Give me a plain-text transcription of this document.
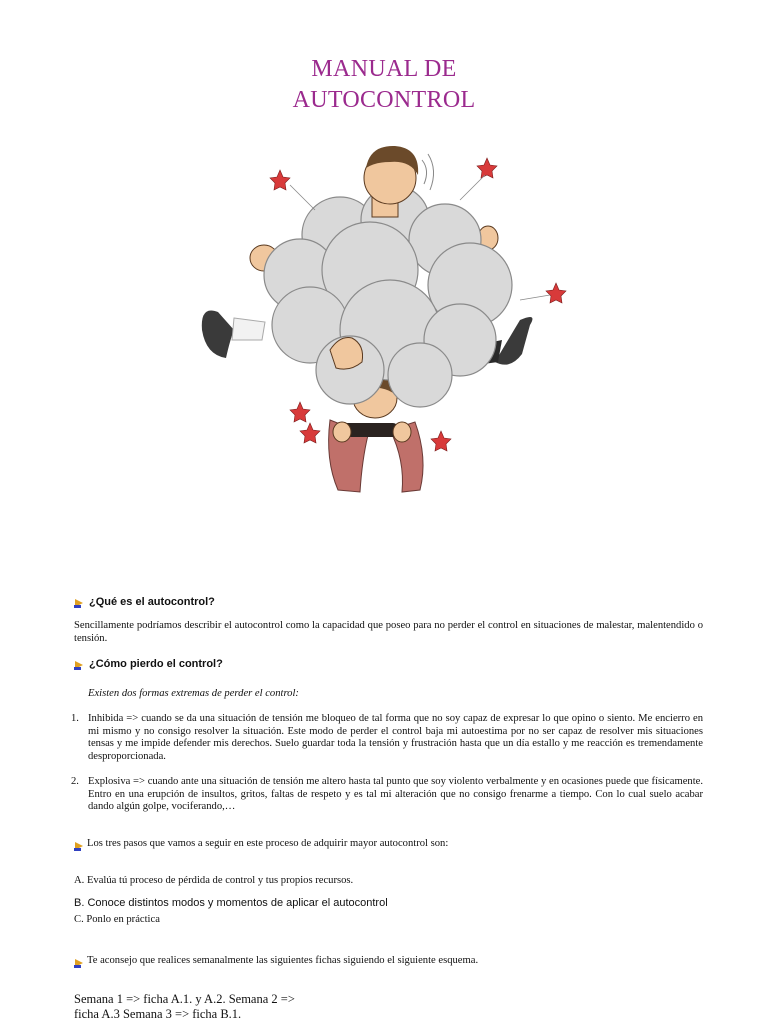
MANUAL DE
AUTOCONTROL
¿Qué es el autocontrol?
Sencillamente podríamos describir el autocontrol como la capacidad que poseo para no perder el control en situaciones de malestar, malentendido o tensión.
¿Cómo pierdo el control?
Existen dos formas extremas de perder el control:
1. Inhibida => cuando se da una situación de tensión me bloqueo de tal forma que no soy capaz de expresar lo que opino o siento. Me encierro en mi mismo y no consigo resolver la situación. Este modo de perder el control baja mi autoestima por no ser capaz de resolver mis situaciones tensas y me impide defender mis derechos. Suelo guardar toda la tensión y frustración hasta que un día estallo y me reacción es tremendamente desproporcionada.
2. Explosiva => cuando ante una situación de tensión me altero hasta tal punto que soy violento verbalmente y en ocasiones puede que físicamente. Entro en una erupción de insultos, gritos, faltas de respeto y es tal mi alteración que no consigo frenarme a tiempo. Con lo cual suelo acabar dando algún golpe, vociferando,…
Los tres pasos que vamos a seguir en este proceso de adquirir mayor autocontrol son:
A. Evalúa tú proceso de pérdida de control y tus propios recursos.
B. Conoce distintos modos y momentos de aplicar el autocontrol
C. Ponlo en práctica
Te aconsejo que realices semanalmente las siguientes fichas siguiendo el siguiente esquema.
Semana 1 => ficha A.1. y A.2. Semana 2 =>
ficha A.3 Semana 3 => ficha B.1.
